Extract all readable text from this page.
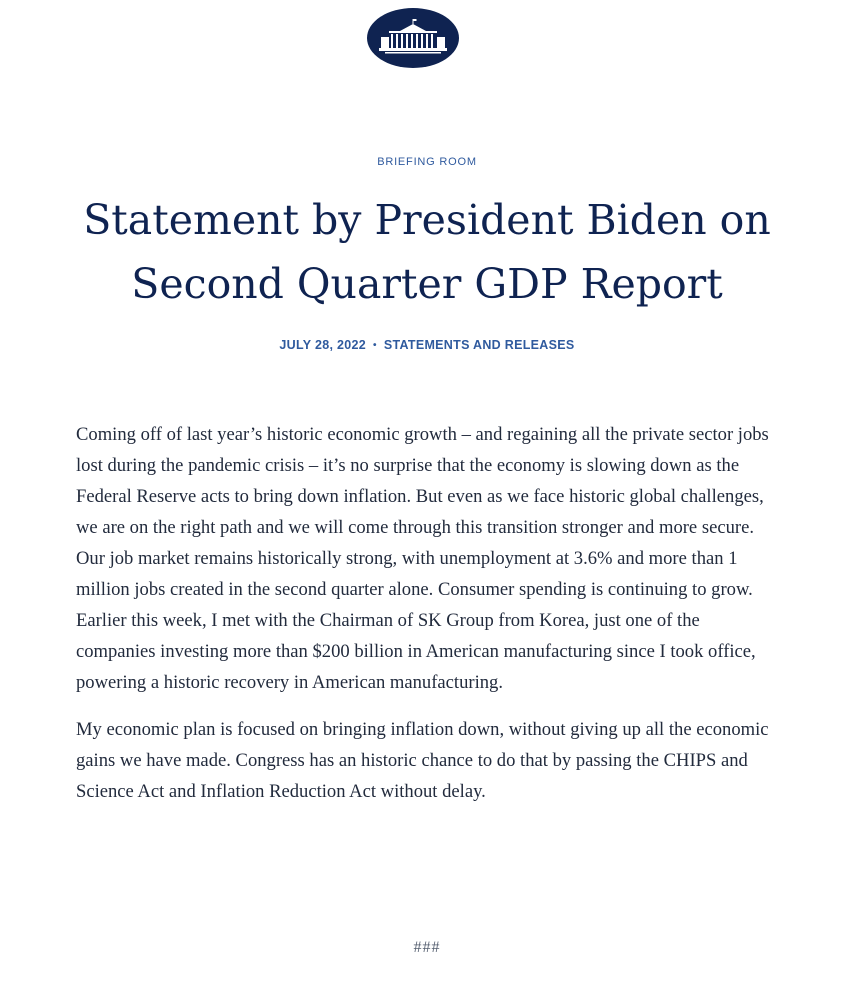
BRIEFING ROOM
Statement by President Biden on Second Quarter GDP Report
JULY 28, 2022 • STATEMENTS AND RELEASES

Coming off of last year’s historic economic growth – and regaining all the private sector jobs lost during the pandemic crisis – it’s no surprise that the economy is slowing down as the Federal Reserve acts to bring down inflation. But even as we face historic global challenges, we are on the right path and we will come through this transition stronger and more secure. Our job market remains historically strong, with unemployment at 3.6% and more than 1 million jobs created in the second quarter alone. Consumer spending is continuing to grow. Earlier this week, I met with the Chairman of SK Group from Korea, just one of the companies investing more than $200 billion in American manufacturing since I took office, powering a historic recovery in American manufacturing.

My economic plan is focused on bringing inflation down, without giving up all the economic gains we have made. Congress has an historic chance to do that by passing the CHIPS and Science Act and Inflation Reduction Act without delay.

###
